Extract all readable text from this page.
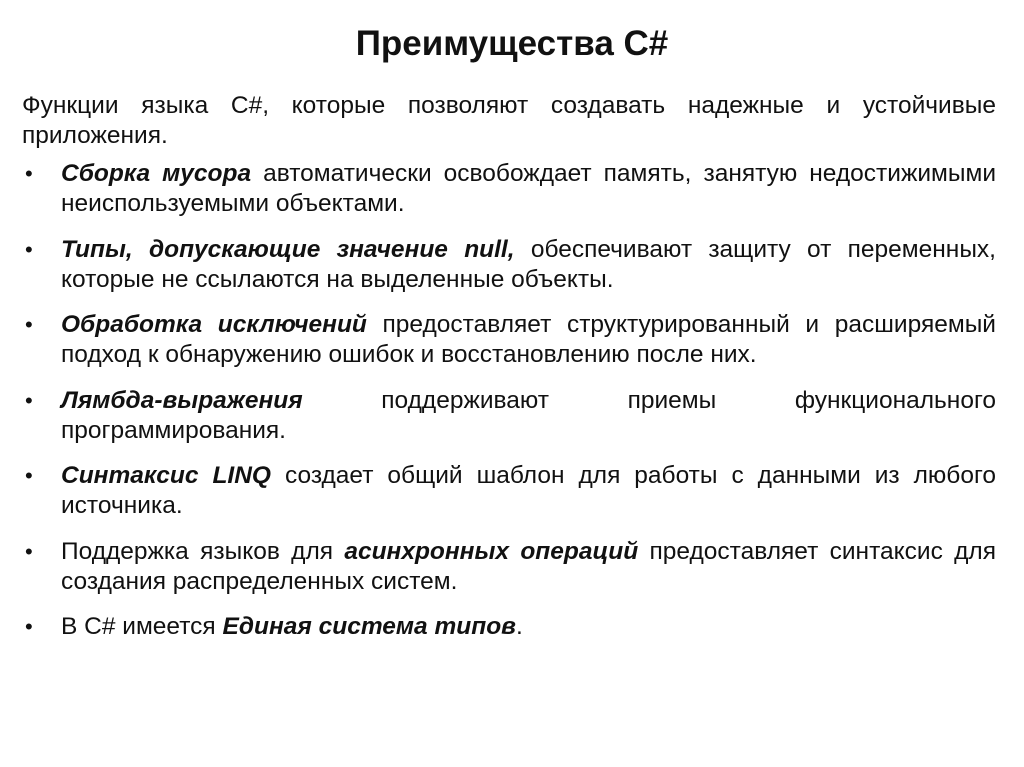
Преимущества C#

Функции языка C#, которые позволяют создавать надежные и устойчивые приложения.

• Сборка мусора автоматически освобождает память, занятую недостижимыми неиспользуемыми объектами.
• Типы, допускающие значение null, обеспечивают защиту от переменных, которые не ссылаются на выделенные объекты.
• Обработка исключений предоставляет структурированный и расширяемый подход к обнаружению ошибок и восстановлению после них.
• Лямбда-выражения поддерживают приемы функционального программирования.
• Синтаксис LINQ создает общий шаблон для работы с данными из любого источника.
• Поддержка языков для асинхронных операций предоставляет синтаксис для создания распределенных систем.
• В C# имеется Единая система типов.
